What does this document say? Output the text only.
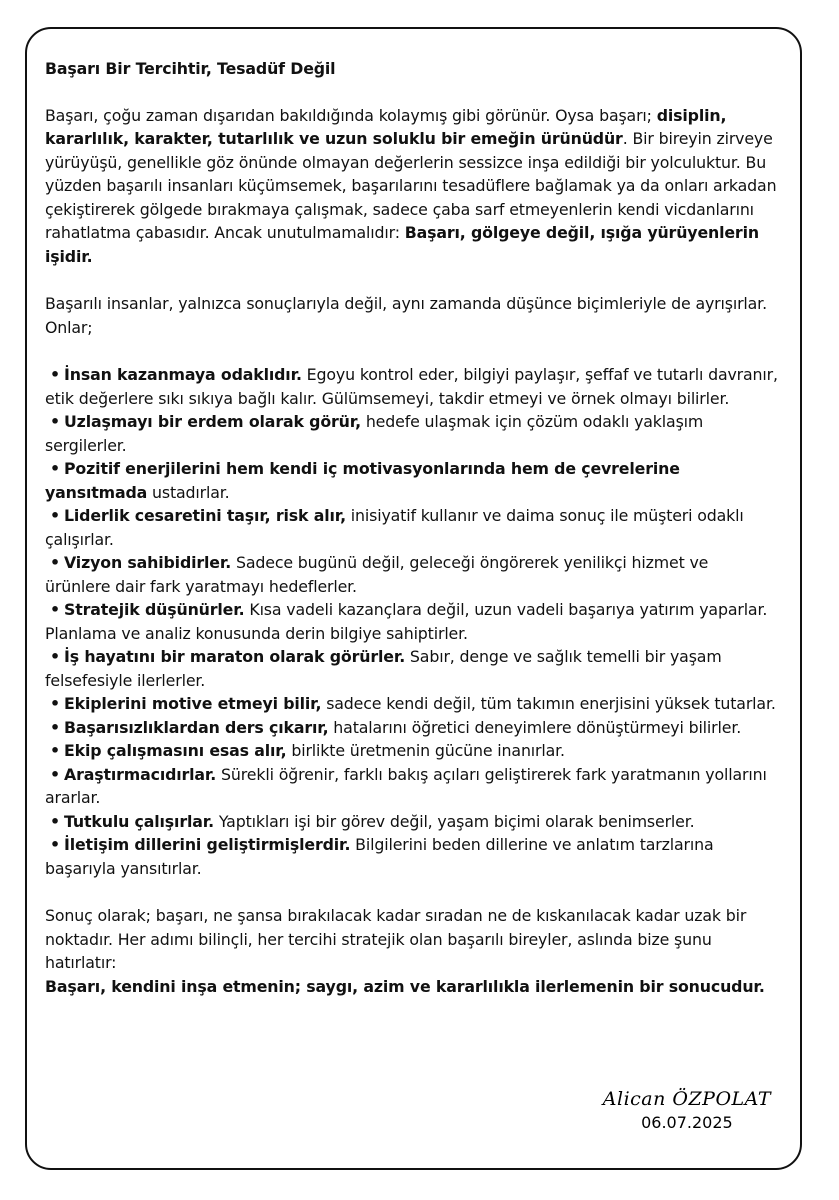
Başarı Bir Tercihtir, Tesadüf Değil

Başarı, çoğu zaman dışarıdan bakıldığında kolaymış gibi görünür. Oysa başarı; disiplin, kararlılık, karakter, tutarlılık ve uzun soluklu bir emeğin ürünüdür. Bir bireyin zirveye yürüyüşü, genellikle göz önünde olmayan değerlerin sessizce inşa edildiği bir yolculuktur. Bu yüzden başarılı insanları küçümsemek, başarılarını tesadüflere bağlamak ya da onları arkadan çekiştirerek gölgede bırakmaya çalışmak, sadece çaba sarf etmeyenlerin kendi vicdanlarını rahatlatma çabasıdır. Ancak unutulmamalıdır: Başarı, gölgeye değil, ışığa yürüyenlerin işidir.

Başarılı insanlar, yalnızca sonuçlarıyla değil, aynı zamanda düşünce biçimleriyle de ayrışırlar. Onlar;

• İnsan kazanmaya odaklıdır. Egoyu kontrol eder, bilgiyi paylaşır, şeffaf ve tutarlı davranır, etik değerlere sıkı sıkıya bağlı kalır. Gülümsemeyi, takdir etmeyi ve örnek olmayı bilirler.
• Uzlaşmayı bir erdem olarak görür, hedefe ulaşmak için çözüm odaklı yaklaşım sergilerler.
• Pozitif enerjilerini hem kendi iç motivasyonlarında hem de çevrelerine yansıtmada ustadırlar.
• Liderlik cesaretini taşır, risk alır, inisiyatif kullanır ve daima sonuç ile müşteri odaklı çalışırlar.
• Vizyon sahibidirler. Sadece bugünü değil, geleceği öngörerek yenilikçi hizmet ve ürünlere dair fark yaratmayı hedeflerler.
• Stratejik düşünürler. Kısa vadeli kazançlara değil, uzun vadeli başarıya yatırım yaparlar. Planlama ve analiz konusunda derin bilgiye sahiptirler.
• İş hayatını bir maraton olarak görürler. Sabır, denge ve sağlık temelli bir yaşam felsefesiyle ilerlerler.
• Ekiplerini motive etmeyi bilir, sadece kendi değil, tüm takımın enerjisini yüksek tutarlar.
• Başarısızlıklardan ders çıkarır, hatalarını öğretici deneyimlere dönüştürmeyi bilirler.
• Ekip çalışmasını esas alır, birlikte üretmenin gücüne inanırlar.
• Araştırmacıdırlar. Sürekli öğrenir, farklı bakış açıları geliştirerek fark yaratmanın yollarını ararlar.
• Tutkulu çalışırlar. Yaptıkları işi bir görev değil, yaşam biçimi olarak benimserler.
• İletişim dillerini geliştirmişlerdir. Bilgilerini beden dillerine ve anlatım tarzlarına başarıyla yansıtırlar.

Sonuç olarak; başarı, ne şansa bırakılacak kadar sıradan ne de kıskanılacak kadar uzak bir noktadır. Her adımı bilinçli, her tercihi stratejik olan başarılı bireyler, aslında bize şunu hatırlatır:

Başarı, kendini inşa etmenin; saygı, azim ve kararlılıkla ilerlemenin bir sonucudur.

Alican ÖZPOLAT
06.07.2025
